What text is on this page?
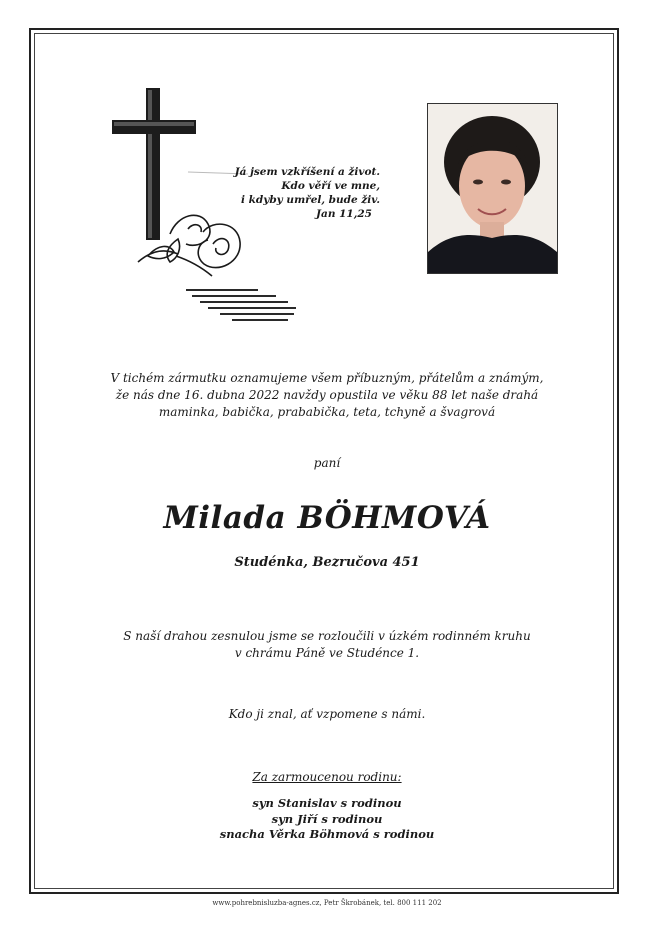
Já jsem vzkříšení a život.
Kdo věří ve mne,
i kdyby umřel, bude živ.
Jan 11,25
V tichém zármutku oznamujeme všem příbuzným, přátelům a známým,
že nás dne 16. dubna 2022 navždy opustila ve věku 88 let naše drahá
maminka, babička, prababička, teta, tchyně a švagrová
paní
Milada BÖHMOVÁ
Studénka, Bezručova 451
S naší drahou zesnulou jsme se rozloučili v úzkém rodinném kruhu
v chrámu Páně ve Studénce 1.
Kdo ji znal, ať vzpomene s námi.
Za zarmoucenou rodinu:
syn Stanislav s rodinou
syn Jiří s rodinou
snacha Věrka Böhmová s rodinou
www.pohrebnisluzba-agnes.cz, Petr Škrobánek, tel. 800 111 202
